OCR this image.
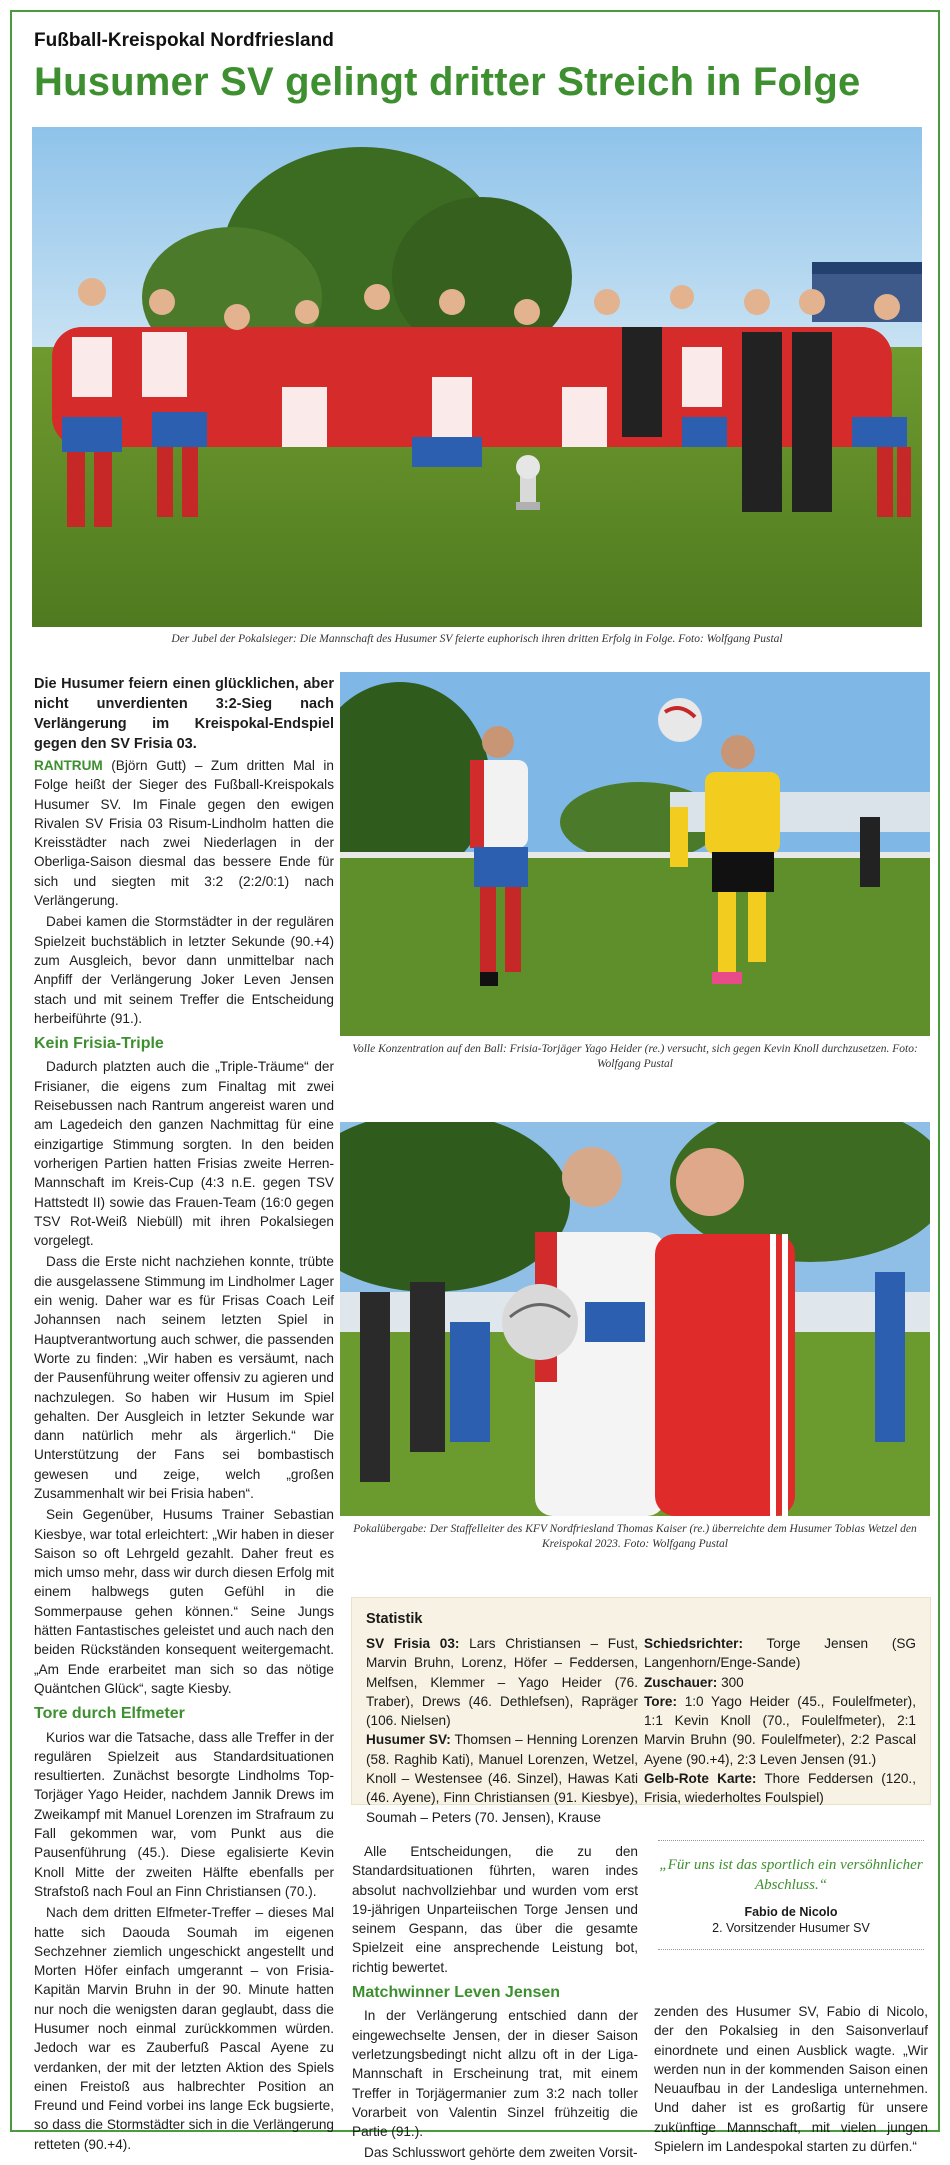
Fußball-Kreispokal Nordfriesland
Husumer SV gelingt dritter Streich in Folge
Der Jubel der Pokalsieger: Die Mannschaft des Husumer SV feierte euphorisch ihren dritten Erfolg in Folge. Foto: Wolfgang Pustal

Die Husumer feiern einen glücklichen, aber nicht unverdienten 3:2-Sieg nach Verlängerung im Kreispokal-Endspiel gegen den SV Frisia 03.

RANTRUM (Björn Gutt) – Zum dritten Mal in Folge heißt der Sieger des Fußball-Kreispokals Husumer SV. Im Finale gegen den ewigen Rivalen SV Frisia 03 Risum-Lindholm hatten die Kreisstädter nach zwei Niederlagen in der Oberliga-Saison diesmal das bessere Ende für sich und siegten mit 3:2 (2:2/0:1) nach Verlängerung.

Dabei kamen die Stormstädter in der regulären Spielzeit buchstäblich in letzter Sekunde (90.+4) zum Ausgleich, bevor dann unmittelbar nach Anpfiff der Verlängerung Joker Leven Jensen stach und mit seinem Treffer die Entscheidung herbeiführte (91.).

Kein Frisia-Triple

Dadurch platzten auch die „Triple-Träume“ der Frisianer, die eigens zum Finaltag mit zwei Reisebussen nach Rantrum angereist waren und am Lagedeich den ganzen Nachmittag für eine einzigartige Stimmung sorgten. In den beiden vorherigen Partien hatten Frisias zweite Herren-Mannschaft im Kreis-Cup (4:3 n.E. gegen TSV Hattstedt II) sowie das Frauen-Team (16:0 gegen TSV Rot-Weiß Niebüll) mit ihren Pokalsiegen vorgelegt.

Dass die Erste nicht nachziehen konnte, trübte die ausgelassene Stimmung im Lindholmer Lager ein wenig. Daher war es für Frisas Coach Leif Johannsen nach seinem letzten Spiel in Hauptverantwortung auch schwer, die passenden Worte zu finden: „Wir haben es versäumt, nach der Pausenführung weiter offensiv zu agieren und nachzulegen. So haben wir Husum im Spiel gehalten. Der Ausgleich in letzter Sekunde war dann natürlich mehr als ärgerlich.“ Die Unterstützung der Fans sei bombastisch gewesen und zeige, welch „großen Zusammenhalt wir bei Frisia haben“.

Sein Gegenüber, Husums Trainer Sebastian Kiesbye, war total erleichtert: „Wir haben in dieser Saison so oft Lehrgeld gezahlt. Daher freut es mich umso mehr, dass wir durch diesen Erfolg mit einem halbwegs guten Gefühl in die Sommerpause gehen können.“ Seine Jungs hätten Fantastisches geleistet und auch nach den beiden Rückständen konsequent weitergemacht. „Am Ende erarbeitet man sich so das nötige Quäntchen Glück“, sagte Kiesby.

Tore durch Elfmeter

Kurios war die Tatsache, dass alle Treffer in der regulären Spielzeit aus Standardsituationen resultierten. Zunächst besorgte Lindholms Top-Torjäger Yago Heider, nachdem Jannik Drews im Zweikampf mit Manuel Lorenzen im Strafraum zu Fall gekommen war, vom Punkt aus die Pausenführung (45.). Diese egalisierte Kevin Knoll Mitte der zweiten Hälfte ebenfalls per Strafstoß nach Foul an Finn Christiansen (70.).

Nach dem dritten Elfmeter-Treffer – dieses Mal hatte sich Daouda Soumah im eigenen Sechzehner ziemlich ungeschickt angestellt und Morten Höfer einfach umgerannt – von Frisia-Kapitän Marvin Bruhn in der 90. Minute hatten nur noch die wenigsten daran geglaubt, dass die Husumer noch einmal zurückkommen würden. Jedoch war es Zauberfuß Pascal Ayene zu verdanken, der mit der letzten Aktion des Spiels einen Freistoß aus halbrechter Position an Freund und Feind vorbei ins lange Eck bugsierte, so dass die Stormstädter sich in die Verlängerung retteten (90.+4).

Volle Konzentration auf den Ball: Frisia-Torjäger Yago Heider (re.) versucht, sich gegen Kevin Knoll durchzusetzen. Foto: Wolfgang Pustal
Pokalübergabe: Der Staffelleiter des KFV Nordfriesland Thomas Kaiser (re.) überreichte dem Husumer Tobias Wetzel den Kreispokal 2023. Foto: Wolfgang Pustal
Statistik
SV Frisia 03: Lars Christiansen – Fust, Marvin Bruhn, Lorenz, Höfer – Feddersen, Melfsen, Klemmer – Yago Heider (76. Traber), Drews (46. Dethlefsen), Rapräger (106. Nielsen)
Husumer SV: Thomsen – Henning Lorenzen (58. Raghib Kati), Manuel Lorenzen, Wetzel, Knoll – Westensee (46. Sinzel), Hawas Kati (46. Ayene), Finn Christiansen (91. Kiesbye), Soumah – Peters (70. Jensen), Krause
Schiedsrichter: Torge Jensen (SG Langenhorn/Enge-Sande)
Zuschauer: 300
Tore: 1:0 Yago Heider (45., Foulelfmeter), 1:1 Kevin Knoll (70., Foulelfmeter), 2:1 Marvin Bruhn (90. Foulelfmeter), 2:2 Pascal Ayene (90.+4), 2:3 Leven Jensen (91.)
Gelb-Rote Karte: Thore Feddersen (120., Frisia, wiederholtes Foulspiel)

Alle Entscheidungen, die zu den Standardsituationen führten, waren indes absolut nachvollziehbar und wurden vom erst 19-jährigen Unparteiischen Torge Jensen und seinem Gespann, das über die gesamte Spielzeit eine ansprechende Leistung bot, richtig bewertet.

Matchwinner Leven Jensen

In der Verlängerung entschied dann der eingewechselte Jensen, der in dieser Saison verletzungsbedingt nicht allzu oft in der Liga-Mannschaft in Erscheinung trat, mit einem Treffer in Torjägermanier zum 3:2 nach toller Vorarbeit von Valentin Sinzel frühzeitig die Partie (91.).

Das Schlusswort gehörte dem zweiten Vorsit-

„Für uns ist das sportlich ein versöhnlicher Abschluss.“
Fabio de Nicolo
2. Vorsitzender Husumer SV

zenden des Husumer SV, Fabio di Nicolo, der den Pokalsieg in den Saisonverlauf einordnete und einen Ausblick wagte. „Wir werden nun in der kommenden Saison einen Neuaufbau in der Landesliga unternehmen. Und daher ist es großartig für unsere zukünftige Mannschaft, mit vielen jungen Spielern im Landespokal starten zu dürfen.“
